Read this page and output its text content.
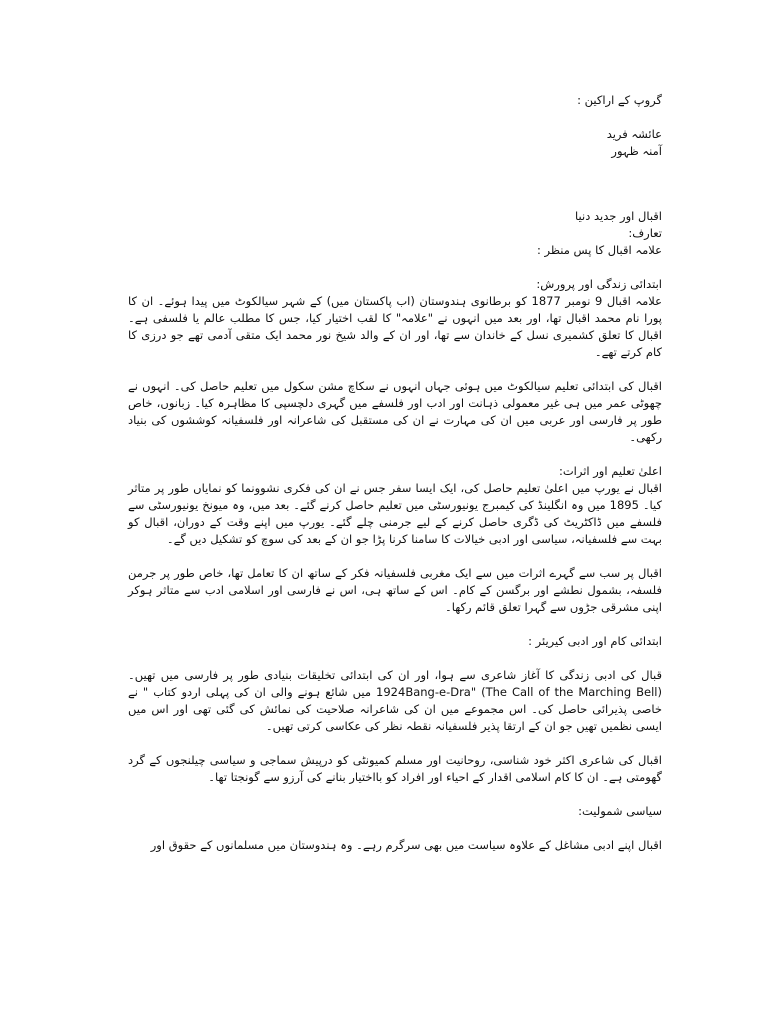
گروپ کے اراکین :

عائشہ فرید

آمنہ ظہور

اقبال اور جدید دنیا

تعارف:

علامہ اقبال کا پس منظر :

ابتدائی زندگی اور پرورش:

علامہ اقبال 9 نومبر 1877 کو برطانوی ہندوستان (اب پاکستان میں) کے شہر سیالکوٹ میں پیدا ہوئے۔ ان کا پورا نام محمد اقبال تھا، اور بعد میں انہوں نے "علامہ" کا لقب اختیار کیا، جس کا مطلب عالم یا فلسفی ہے۔ اقبال کا تعلق کشمیری نسل کے خاندان سے تھا، اور ان کے والد شیخ نور محمد ایک متقی آدمی تھے جو درزی کا کام کرتے تھے۔

اقبال کی ابتدائی تعلیم سیالکوٹ میں ہوئی جہاں انہوں نے سکاچ مشن سکول میں تعلیم حاصل کی۔ انہوں نے چھوٹی عمر میں ہی غیر معمولی ذہانت اور ادب اور فلسفے میں گہری دلچسپی کا مظاہرہ کیا۔ زبانوں، خاص طور پر فارسی اور عربی میں ان کی مہارت نے ان کی مستقبل کی شاعرانہ اور فلسفیانہ کوششوں کی بنیاد رکھی۔

اعلیٰ تعلیم اور اثرات:

اقبال نے یورپ میں اعلیٰ تعلیم حاصل کی، ایک ایسا سفر جس نے ان کی فکری نشوونما کو نمایاں طور پر متاثر کیا۔ 1895 میں وہ انگلینڈ کی کیمبرج یونیورسٹی میں تعلیم حاصل کرنے گئے۔ بعد میں، وہ میونخ یونیورسٹی سے فلسفے میں ڈاکٹریٹ کی ڈگری حاصل کرنے کے لیے جرمنی چلے گئے۔ یورپ میں اپنے وقت کے دوران، اقبال کو بہت سے فلسفیانہ، سیاسی اور ادبی خیالات کا سامنا کرنا پڑا جو ان کے بعد کی سوچ کو تشکیل دیں گے۔

اقبال پر سب سے گہرے اثرات میں سے ایک مغربی فلسفیانہ فکر کے ساتھ ان کا تعامل تھا، خاص طور پر جرمن فلسفہ، بشمول نطشے اور برگسن کے کام۔ اس کے ساتھ ہی، اس نے فارسی اور اسلامی ادب سے متاثر ہوکر اپنی مشرقی جڑوں سے گہرا تعلق قائم رکھا۔

ابتدائی کام اور ادبی کیریئر :

قبال کی ادبی زندگی کا آغاز شاعری سے ہوا، اور ان کی ابتدائی تخلیقات بنیادی طور پر فارسی میں تھیں۔ 1924Bang-e-Dra" (The Call of the Marching Bell) میں شائع ہونے والی ان کی پہلی اردو کتاب " نے خاصی پذیرائی حاصل کی۔ اس مجموعے میں ان کی شاعرانہ صلاحیت کی نمائش کی گئی تھی اور اس میں ایسی نظمیں تھیں جو ان کے ارتقا پذیر فلسفیانہ نقطہ نظر کی عکاسی کرتی تھیں۔

اقبال کی شاعری اکثر خود شناسی، روحانیت اور مسلم کمیونٹی کو درپیش سماجی و سیاسی چیلنجوں کے گرد گھومتی ہے۔ ان کا کام اسلامی اقدار کے احیاء اور افراد کو بااختیار بنانے کی آرزو سے گونجتا تھا۔

سیاسی شمولیت:

اقبال اپنے ادبی مشاغل کے علاوہ سیاست میں بھی سرگرم رہے۔ وہ ہندوستان میں مسلمانوں کے حقوق اور
